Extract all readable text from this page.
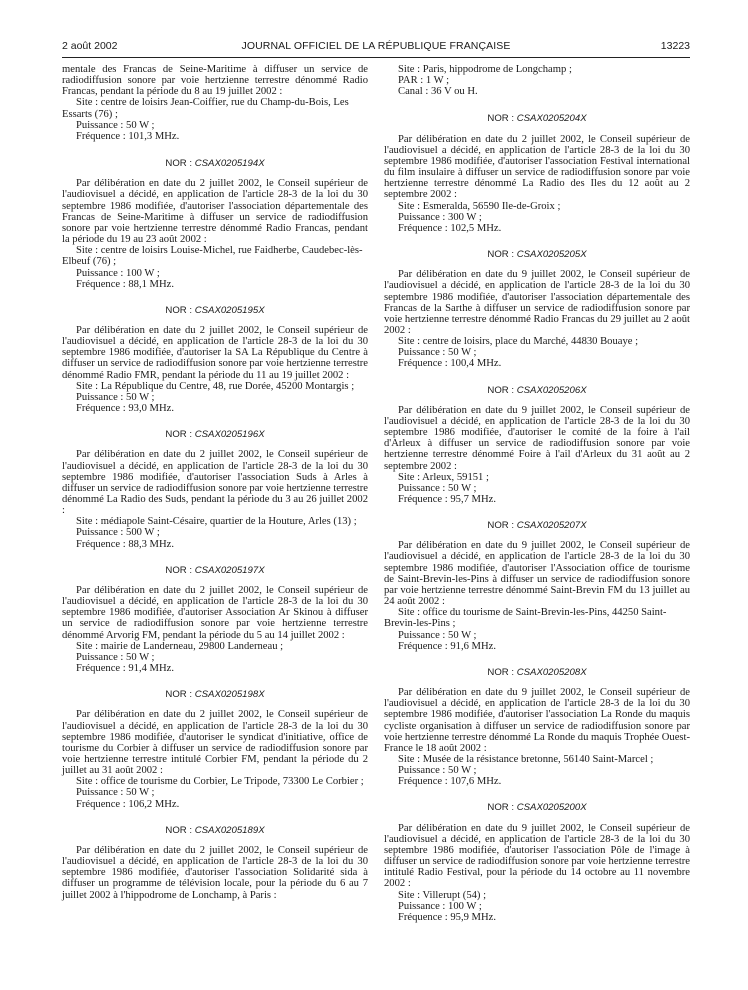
2 août 2002	JOURNAL OFFICIEL DE LA RÉPUBLIQUE FRANÇAISE	13223

mentale des Francas de Seine-Maritime à diffuser un service de radiodiffusion sonore par voie hertzienne terrestre dénommé Radio Francas, pendant la période du 8 au 19 juillet 2002 :

Site : centre de loisirs Jean-Coiffier, rue du Champ-du-Bois, Les Essarts (76) ;

Puissance : 50 W ;

Fréquence : 101,3 MHz.

NOR : CSAX0205194X

Par délibération en date du 2 juillet 2002, le Conseil supérieur de l'audiovisuel a décidé, en application de l'article 28-3 de la loi du 30 septembre 1986 modifiée, d'autoriser l'association départementale des Francas de Seine-Maritime à diffuser un service de radiodiffusion sonore par voie hertzienne terrestre dénommé Radio Francas, pendant la période du 19 au 23 août 2002 :

Site : centre de loisirs Louise-Michel, rue Faidherbe, Caudebec-lès-Elbeuf (76) ;

Puissance : 100 W ;

Fréquence : 88,1 MHz.

NOR : CSAX0205195X

Par délibération en date du 2 juillet 2002, le Conseil supérieur de l'audiovisuel a décidé, en application de l'article 28-3 de la loi du 30 septembre 1986 modifiée, d'autoriser la SA La République du Centre à diffuser un service de radiodiffusion sonore par voie hertzienne terrestre dénommé Radio FMR, pendant la période du 11 au 19 juillet 2002 :

Site : La République du Centre, 48, rue Dorée, 45200 Montargis ;

Puissance : 50 W ;

Fréquence : 93,0 MHz.

NOR : CSAX0205196X

Par délibération en date du 2 juillet 2002, le Conseil supérieur de l'audiovisuel a décidé, en application de l'article 28-3 de la loi du 30 septembre 1986 modifiée, d'autoriser l'association Suds à Arles à diffuser un service de radiodiffusion sonore par voie hertzienne terrestre dénommé La Radio des Suds, pendant la période du 3 au 26 juillet 2002 :

Site : médiapole Saint-Césaire, quartier de la Houture, Arles (13) ;

Puissance : 500 W ;

Fréquence : 88,3 MHz.

NOR : CSAX0205197X

Par délibération en date du 2 juillet 2002, le Conseil supérieur de l'audiovisuel a décidé, en application de l'article 28-3 de la loi du 30 septembre 1986 modifiée, d'autoriser Association Ar Skinou à diffuser un service de radiodiffusion sonore par voie hertzienne terrestre dénommé Arvorig FM, pendant la période du 5 au 14 juillet 2002 :

Site : mairie de Landerneau, 29800 Landerneau ;

Puissance : 50 W ;

Fréquence : 91,4 MHz.

NOR : CSAX0205198X

Par délibération en date du 2 juillet 2002, le Conseil supérieur de l'audiovisuel a décidé, en application de l'article 28-3 de la loi du 30 septembre 1986 modifiée, d'autoriser le syndicat d'initiative, office de tourisme du Corbier à diffuser un service de radiodiffusion sonore par voie hertzienne terrestre intitulé Corbier FM, pendant la période du 2 juillet au 31 août 2002 :

Site : office de tourisme du Corbier, Le Tripode, 73300 Le Corbier ;

Puissance : 50 W ;

Fréquence : 106,2 MHz.

NOR : CSAX0205189X

Par délibération en date du 2 juillet 2002, le Conseil supérieur de l'audiovisuel a décidé, en application de l'article 28-3 de la loi du 30 septembre 1986 modifiée, d'autoriser l'association Solidarité sida à diffuser un programme de télévision locale, pour la période du 6 au 7 juillet 2002 à l'hippodrome de Lonchamp, à Paris :

Site : Paris, hippodrome de Longchamp ;

PAR : 1 W ;

Canal : 36 V ou H.

NOR : CSAX0205204X

Par délibération en date du 2 juillet 2002, le Conseil supérieur de l'audiovisuel a décidé, en application de l'article 28-3 de la loi du 30 septembre 1986 modifiée, d'autoriser l'association Festival international du film insulaire à diffuser un service de radiodiffusion sonore par voie hertzienne terrestre dénommé La Radio des Iles du 12 août au 2 septembre 2002 :

Site : Esmeralda, 56590 Ile-de-Groix ;

Puissance : 300 W ;

Fréquence : 102,5 MHz.

NOR : CSAX0205205X

Par délibération en date du 9 juillet 2002, le Conseil supérieur de l'audiovisuel a décidé, en application de l'article 28-3 de la loi du 30 septembre 1986 modifiée, d'autoriser l'association départementale des Francas de la Sarthe à diffuser un service de radiodiffusion sonore par voie hertzienne terrestre dénommé Radio Francas du 29 juillet au 2 août 2002 :

Site : centre de loisirs, place du Marché, 44830 Bouaye ;

Puissance : 50 W ;

Fréquence : 100,4 MHz.

NOR : CSAX0205206X

Par délibération en date du 9 juillet 2002, le Conseil supérieur de l'audiovisuel a décidé, en application de l'article 28-3 de la loi du 30 septembre 1986 modifiée, d'autoriser le comité de la foire à l'ail d'Arleux à diffuser un service de radiodiffusion sonore par voie hertzienne terrestre dénommé Foire à l'ail d'Arleux du 31 août au 2 septembre 2002 :

Site : Arleux, 59151 ;

Puissance : 50 W ;

Fréquence : 95,7 MHz.

NOR : CSAX0205207X

Par délibération en date du 9 juillet 2002, le Conseil supérieur de l'audiovisuel a décidé, en application de l'article 28-3 de la loi du 30 septembre 1986 modifiée, d'autoriser l'Association office de tourisme de Saint-Brevin-les-Pins à diffuser un service de radiodiffusion sonore par voie hertzienne terrestre dénommé Saint-Brevin FM du 13 juillet au 24 août 2002 :

Site : office du tourisme de Saint-Brevin-les-Pins, 44250 Saint-Brevin-les-Pins ;

Puissance : 50 W ;

Fréquence : 91,6 MHz.

NOR : CSAX0205208X

Par délibération en date du 9 juillet 2002, le Conseil supérieur de l'audiovisuel a décidé, en application de l'article 28-3 de la loi du 30 septembre 1986 modifiée, d'autoriser l'association La Ronde du maquis cycliste organisation à diffuser un service de radiodiffusion sonore par voie hertzienne terrestre dénommé La Ronde du maquis Trophée Ouest-France le 18 août 2002 :

Site : Musée de la résistance bretonne, 56140 Saint-Marcel ;

Puissance : 50 W ;

Fréquence : 107,6 MHz.

NOR : CSAX0205200X

Par délibération en date du 9 juillet 2002, le Conseil supérieur de l'audiovisuel a décidé, en application de l'article 28-3 de la loi du 30 septembre 1986 modifiée, d'autoriser l'association Pôle de l'image à diffuser un service de radiodiffusion sonore par voie hertzienne terrestre intitulé Radio Festival, pour la période du 14 octobre au 11 novembre 2002 :

Site : Villerupt (54) ;

Puissance : 100 W ;

Fréquence : 95,9 MHz.
